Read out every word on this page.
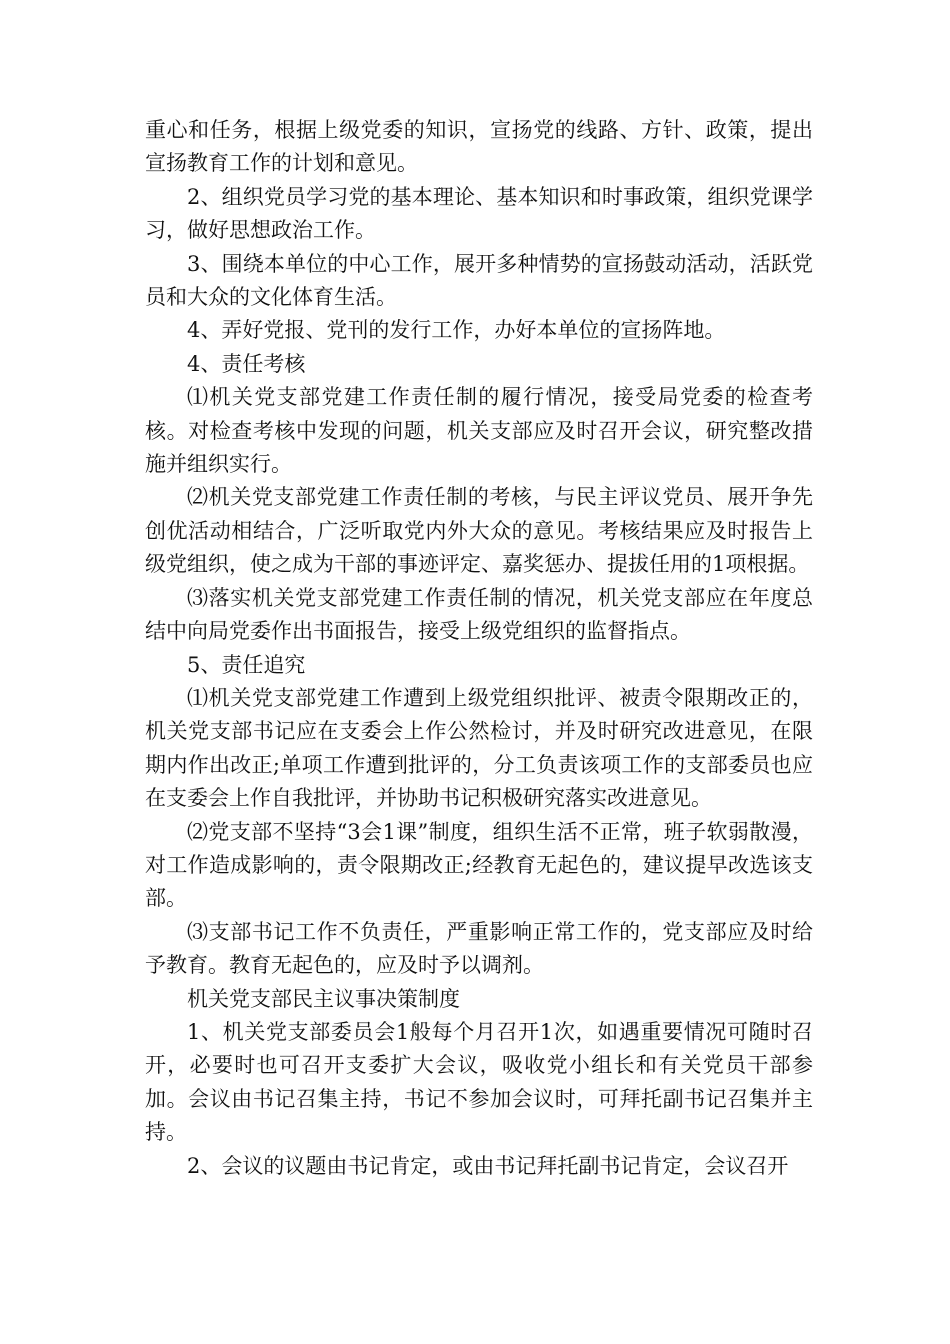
重心和任务，根据上级党委的知识，宣扬党的线路、方针、政策，提出宣扬教育工作的计划和意见。

2、组织党员学习党的基本理论、基本知识和时事政策，组织党课学习，做好思想政治工作。

3、围绕本单位的中心工作，展开多种情势的宣扬鼓动活动，活跃党员和大众的文化体育生活。

4、弄好党报、党刊的发行工作，办好本单位的宣扬阵地。

4、责任考核

⑴机关党支部党建工作责任制的履行情况，接受局党委的检查考核。对检查考核中发现的问题，机关支部应及时召开会议，研究整改措施并组织实行。

⑵机关党支部党建工作责任制的考核，与民主评议党员、展开争先创优活动相结合，广泛听取党内外大众的意见。考核结果应及时报告上级党组织，使之成为干部的事迹评定、嘉奖惩办、提拔任用的1项根据。

⑶落实机关党支部党建工作责任制的情况，机关党支部应在年度总结中向局党委作出书面报告，接受上级党组织的监督指点。

5、责任追究

⑴机关党支部党建工作遭到上级党组织批评、被责令限期改正的，机关党支部书记应在支委会上作公然检讨，并及时研究改进意见，在限期内作出改正;单项工作遭到批评的，分工负责该项工作的支部委员也应在支委会上作自我批评，并协助书记积极研究落实改进意见。

⑵党支部不坚持“3会1课”制度，组织生活不正常，班子软弱散漫，对工作造成影响的，责令限期改正;经教育无起色的，建议提早改选该支部。

⑶支部书记工作不负责任，严重影响正常工作的，党支部应及时给予教育。教育无起色的，应及时予以调剂。

机关党支部民主议事决策制度

1、机关党支部委员会1般每个月召开1次，如遇重要情况可随时召开，必要时也可召开支委扩大会议，吸收党小组长和有关党员干部参加。会议由书记召集主持，书记不参加会议时，可拜托副书记召集并主持。

2、会议的议题由书记肯定，或由书记拜托副书记肯定，会议召开
